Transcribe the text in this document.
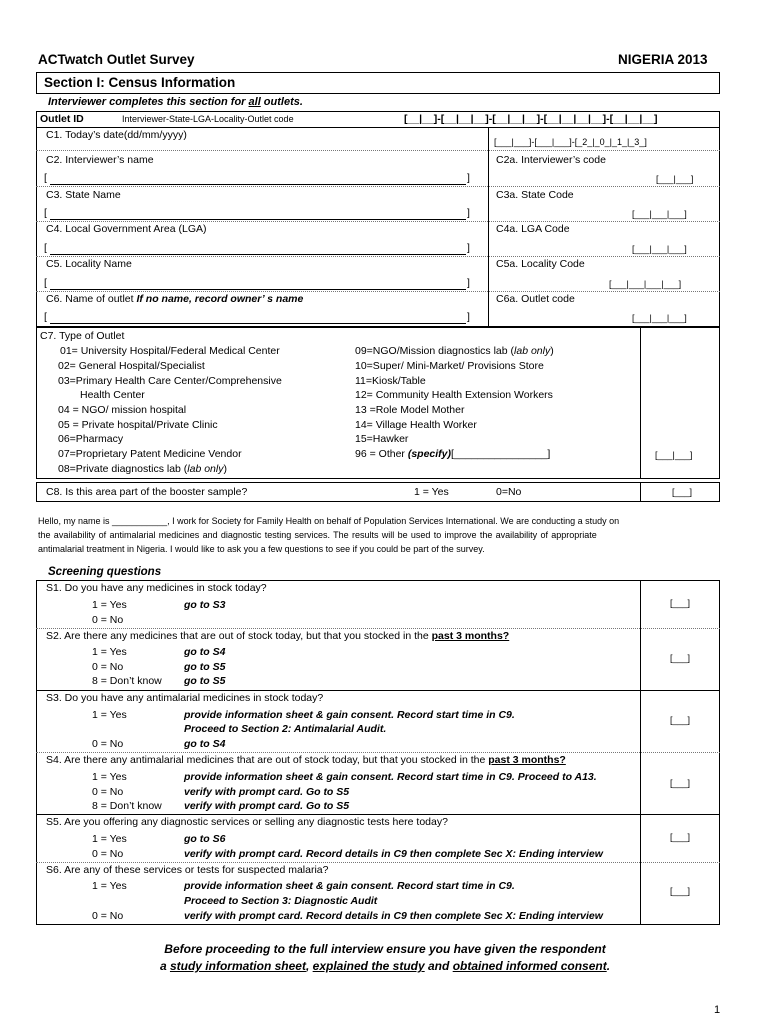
ACTwatch Outlet Survey	NIGERIA 2013
Section I: Census Information
Interviewer completes this section for all outlets.
Outlet ID	Interviewer-State-LGA-Locality-Outlet code	[__|__]-[__|__|__]-[__|__|__]-[__|__|__|__]-[__|__|__]
C1. Today’s date(dd/mm/yyyy)
[___|___]-[___|___]-[_2_|_0_|_1_|_3_]
C2. Interviewer’s name	C2a. Interviewer’s code
[	]	[___|___]
C3. State Name	C3a. State Code
[	]	[___|___|___]
C4. Local Government Area (LGA)	C4a. LGA Code
[	]	[___|___|___]
C5. Locality Name	C5a. Locality Code
[	]	[___|___|___|___]
C6. Name of outlet If no name, record owner’ s name	C6a. Outlet code
[	]	[___|___|___]
C7. Type of Outlet
01= University Hospital/Federal Medical Center
02= General Hospital/Specialist
03=Primary Health Care Center/Comprehensive
Health Center
04 = NGO/ mission hospital
05 = Private hospital/Private Clinic
06=Pharmacy
07=Proprietary Patent Medicine Vendor
08=Private diagnostics lab (lab only)
09=NGO/Mission diagnostics lab (lab only)
10=Super/ Mini-Market/ Provisions Store
11=Kiosk/Table
12= Community Health Extension Workers
13 =Role Model Mother
14= Village Health Worker
15=Hawker
96 = Other (specify)[________________]	[___|___]
C8. Is this area part of the booster sample?	1 = Yes	0=No	[___]
Hello, my name is ___________, I work for Society for Family Health on behalf of Population Services International. We are conducting a study on
the availability of antimalarial medicines and diagnostic testing services. The results will be used to improve the availability of appropriate
antimalarial treatment in Nigeria. I would like to ask you a few questions to see if you could be part of the survey.
Screening questions
S1. Do you have any medicines in stock today?
1 = Yes	go to S3
0 = No
[___]
S2. Are there any medicines that are out of stock today, but that you stocked in the past 3 months?
1 = Yes	go to S4
0 = No	go to S5
8 = Don’t know go to S5
[___]
S3. Do you have any antimalarial medicines in stock today?
1 = Yes	provide information sheet & gain consent. Record start time in C9.
Proceed to Section 2: Antimalarial Audit.
0 = No	go to S4
[___]
S4. Are there any antimalarial medicines that are out of stock today, but that you stocked in the past 3 months?
1 = Yes	provide information sheet & gain consent. Record start time in C9. Proceed to A13.
0 = No	verify with prompt card. Go to S5
8 = Don’t know verify with prompt card. Go to S5
[___]
S5. Are you offering any diagnostic services or selling any diagnostic tests here today?
1 = Yes	go to S6
0 = No	verify with prompt card. Record details in C9 then complete Sec X: Ending interview
[___]
S6. Are any of these services or tests for suspected malaria?
1 = Yes	provide information sheet & gain consent. Record start time in C9.
Proceed to Section 3: Diagnostic Audit
0 = No	verify with prompt card. Record details in C9 then complete Sec X: Ending interview
[___]
Before proceeding to the full interview ensure you have given the respondent
a study information sheet, explained the study and obtained informed consent.
1
